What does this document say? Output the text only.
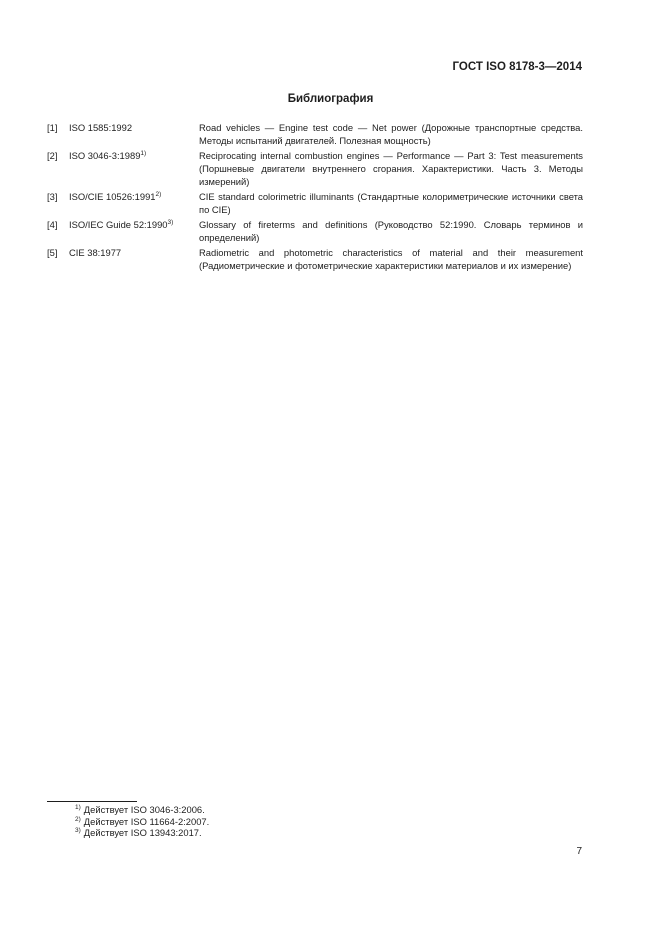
ГОСТ ISO 8178-3—2014
Библиография
[1]	ISO 1585:1992	Road vehicles — Engine test code — Net power (Дорожные транспортные средства. Методы испытаний двигателей. Полезная мощность)
[2]	ISO 3046-3:1989$^{1)}$	Reciprocating internal combustion engines — Performance — Part 3: Test measurements (Поршневые двигатели внутреннего сгорания. Характеристики. Часть 3. Методы измерений)
[3]	ISO/CIE 10526:1991$^{2)}$	CIE standard colorimetric illuminants (Стандартные колориметрические источники света по CIE)
[4]	ISO/IEC Guide 52:1990$^{3)}$	Glossary of fireterms and definitions (Руководство 52:1990. Словарь терминов и определений)
[5]	CIE 38:1977	Radiometric and photometric characteristics of material and their measurement (Радиометрические и фотометрические характеристики материалов и их измерение)
$^{1)}$ Действует ISO 3046-3:2006.
$^{2)}$ Действует ISO 11664-2:2007.
$^{3)}$ Действует ISO 13943:2017.
7
